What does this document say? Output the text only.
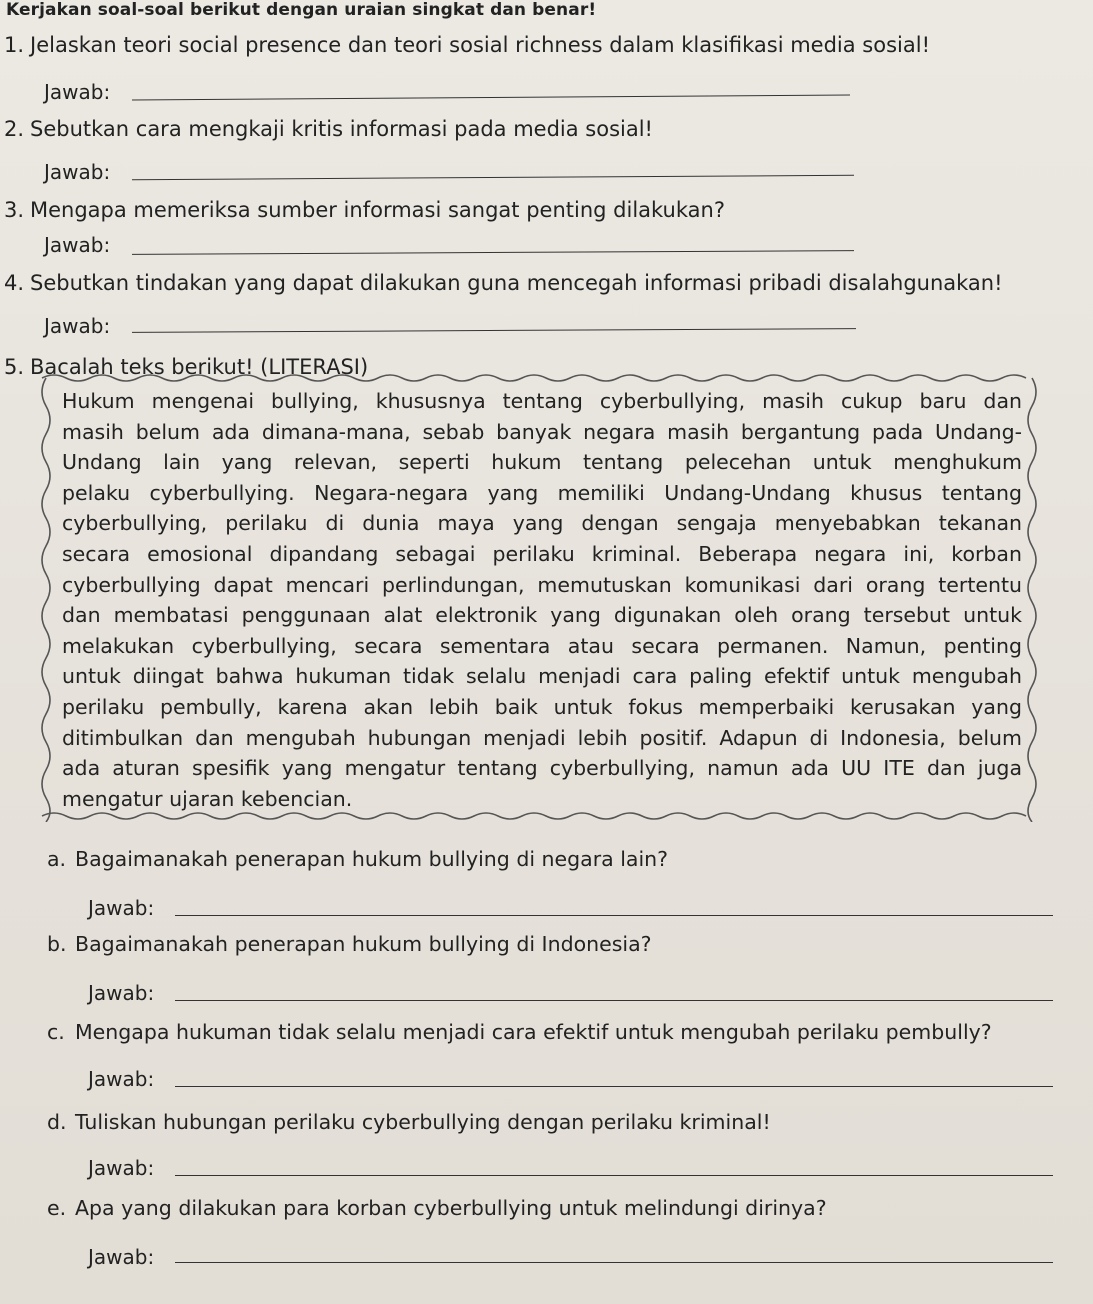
Kerjakan soal-soal berikut dengan uraian singkat dan benar!
1. Jelaskan teori social presence dan teori sosial richness dalam klasifikasi media sosial!
Jawab:
2. Sebutkan cara mengkaji kritis informasi pada media sosial!
Jawab:
3. Mengapa memeriksa sumber informasi sangat penting dilakukan?
Jawab:
4. Sebutkan tindakan yang dapat dilakukan guna mencegah informasi pribadi disalahgunakan!
Jawab:
5. Bacalah teks berikut! (LITERASI)
Hukum mengenai bullying, khususnya tentang cyberbullying, masih cukup baru dan
masih belum ada dimana-mana, sebab banyak negara masih bergantung pada Undang-
Undang lain yang relevan, seperti hukum tentang pelecehan untuk menghukum
pelaku cyberbullying. Negara-negara yang memiliki Undang-Undang khusus tentang
cyberbullying, perilaku di dunia maya yang dengan sengaja menyebabkan tekanan
secara emosional dipandang sebagai perilaku kriminal. Beberapa negara ini, korban
cyberbullying dapat mencari perlindungan, memutuskan komunikasi dari orang tertentu
dan membatasi penggunaan alat elektronik yang digunakan oleh orang tersebut untuk
melakukan cyberbullying, secara sementara atau secara permanen. Namun, penting
untuk diingat bahwa hukuman tidak selalu menjadi cara paling efektif untuk mengubah
perilaku pembully, karena akan lebih baik untuk fokus memperbaiki kerusakan yang
ditimbulkan dan mengubah hubungan menjadi lebih positif. Adapun di Indonesia, belum
ada aturan spesifik yang mengatur tentang cyberbullying, namun ada UU ITE dan juga
mengatur ujaran kebencian.
a. Bagaimanakah penerapan hukum bullying di negara lain?
Jawab:
b. Bagaimanakah penerapan hukum bullying di Indonesia?
Jawab:
c. Mengapa hukuman tidak selalu menjadi cara efektif untuk mengubah perilaku pembully?
Jawab:
d. Tuliskan hubungan perilaku cyberbullying dengan perilaku kriminal!
Jawab:
e. Apa yang dilakukan para korban cyberbullying untuk melindungi dirinya?
Jawab:
